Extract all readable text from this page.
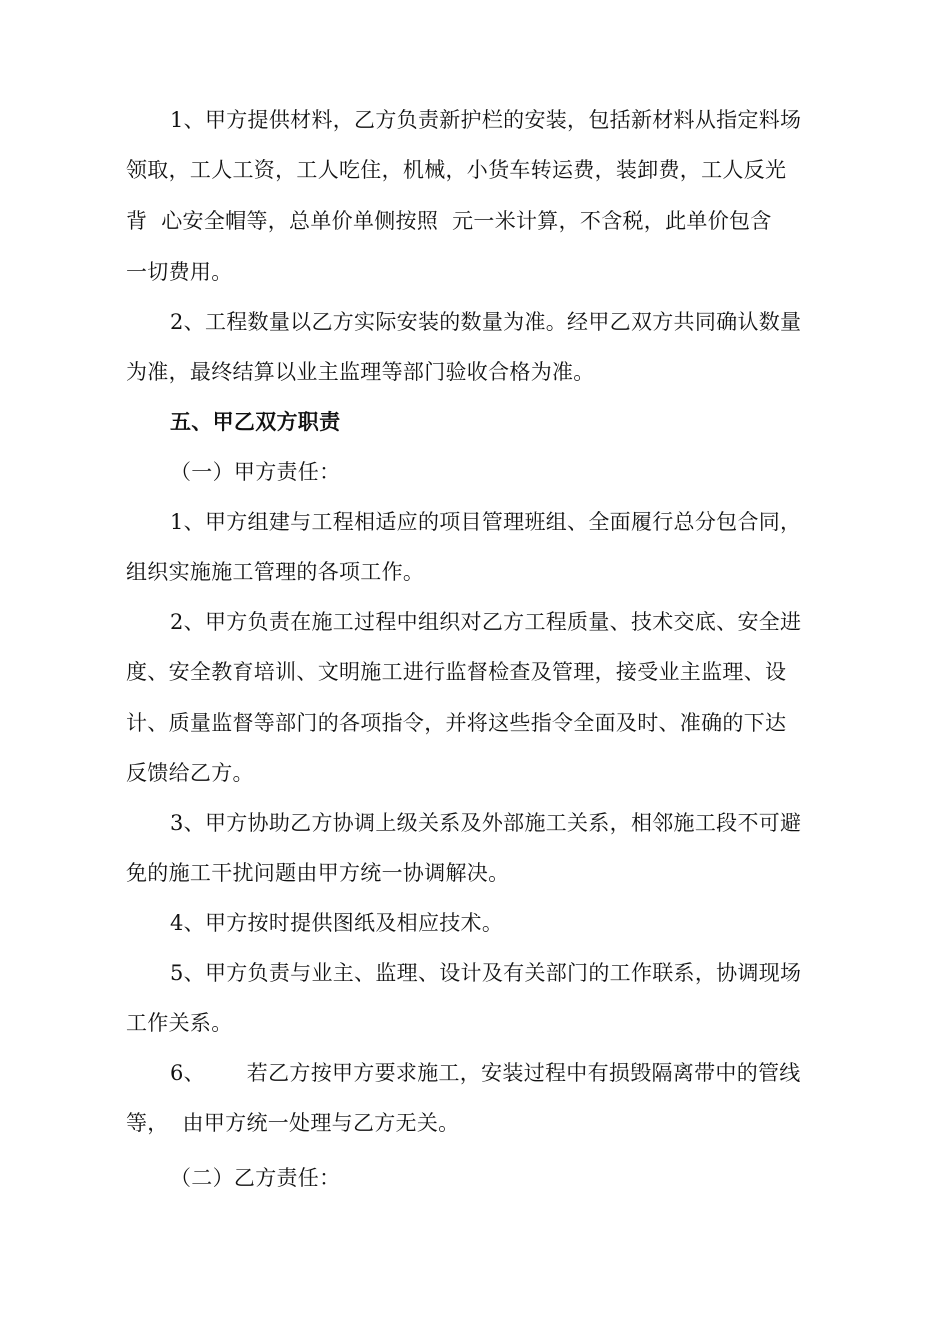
1、甲方提供材料，乙方负责新护栏的安装，包括新材料从指定料场
领取，工人工资，工人吃住，机械，小货车转运费，装卸费，工人反光
背  心安全帽等，总单价单侧按照  元一米计算，不含税，此单价包含
一切费用。
2、工程数量以乙方实际安装的数量为准。经甲乙双方共同确认数量
为准，最终结算以业主监理等部门验收合格为准。
五、甲乙双方职责
（一）甲方责任：
1、甲方组建与工程相适应的项目管理班组、全面履行总分包合同，
组织实施施工管理的各项工作。
2、甲方负责在施工过程中组织对乙方工程质量、技术交底、安全进
度、安全教育培训、文明施工进行监督检查及管理，接受业主监理、设
计、质量监督等部门的各项指令，并将这些指令全面及时、准确的下达
反馈给乙方。
3、甲方协助乙方协调上级关系及外部施工关系，相邻施工段不可避
免的施工干扰问题由甲方统一协调解决。
4、甲方按时提供图纸及相应技术。
5、甲方负责与业主、监理、设计及有关部门的工作联系，协调现场
工作关系。
6、      若乙方按甲方要求施工，安装过程中有损毁隔离带中的管线
等，  由甲方统一处理与乙方无关。
（二）乙方责任：
